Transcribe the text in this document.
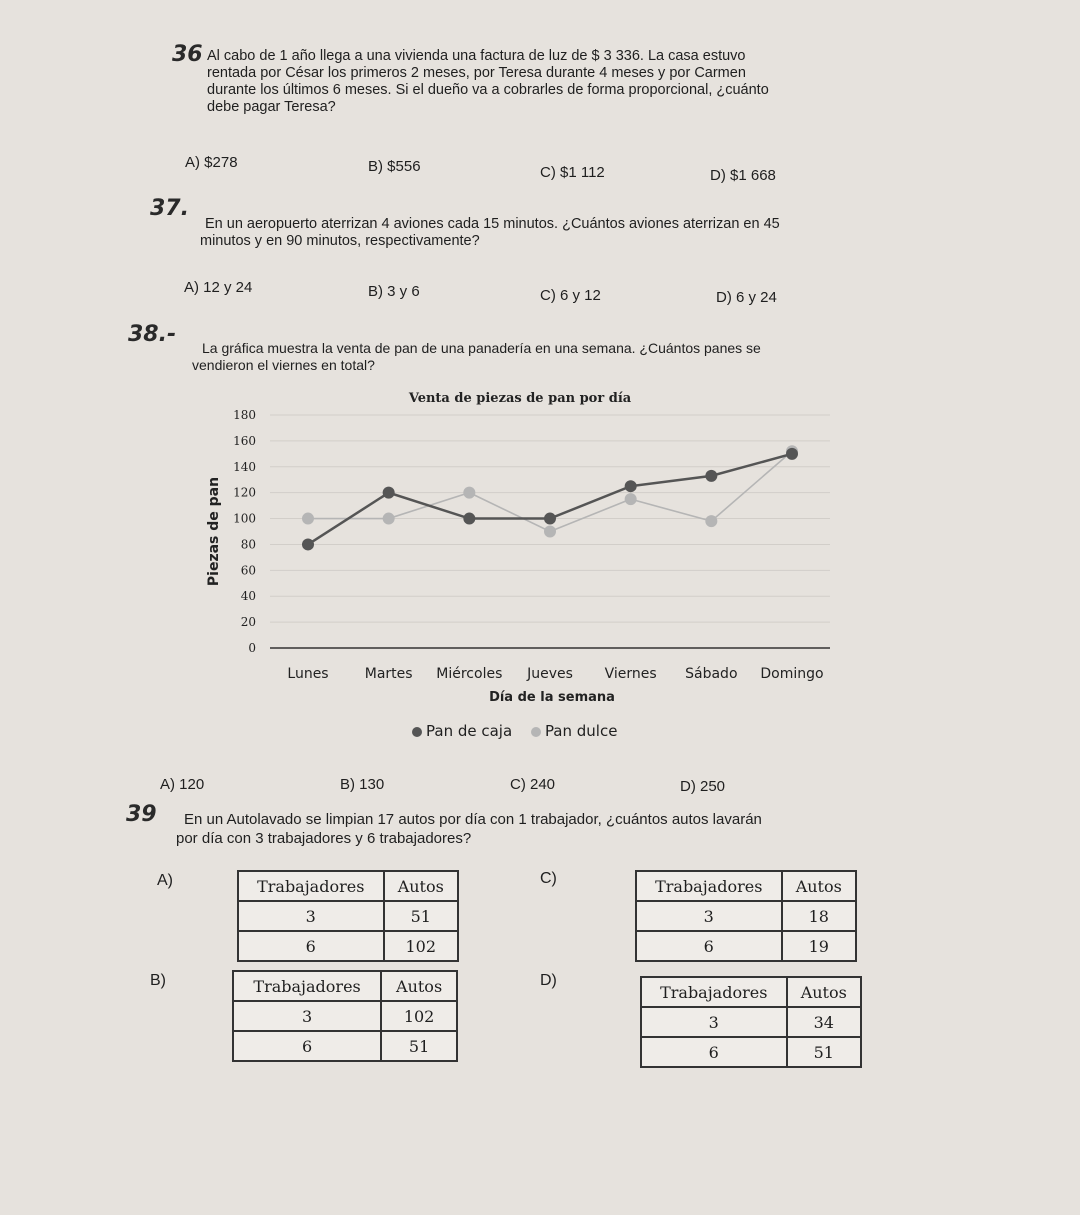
36 Al cabo de 1 año llega a una vivienda una factura de luz de $ 3 336. La casa estuvo
rentada por César los primeros 2 meses, por Teresa durante 4 meses y por Carmen
durante los últimos 6 meses. Si el dueño va a cobrarles de forma proporcional, ¿cuánto
debe pagar Teresa?
A) $278	B) $556	C) $1 112	D) $1 668
37.
En un aeropuerto aterrizan 4 aviones cada 15 minutos. ¿Cuántos aviones aterrizan en 45
minutos y en 90 minutos, respectivamente?
A) 12 y 24	B) 3 y 6	C) 6 y 12	D) 6 y 24
38.-
La gráfica muestra la venta de pan de una panadería en una semana. ¿Cuántos panes se
vendieron el viernes en total?
Venta de piezas de pan por día
0
20
40
60
80
100
120
140
160
180
Piezas de pan
Lunes	Martes Miércoles Jueves Viernes Sábado Domingo
Día de la semana
Pan de caja Pan dulce
A) 120	B) 130	C) 240	D) 250
39 En un Autolavado se limpian 17 autos por día con 1 trabajador, ¿cuántos autos lavarán
por día con 3 trabajadores y 6 trabajadores?
A)	Trabajadores	Autos
3	51
6	102
C)	Trabajadores	Autos
3	18
6	19
B)	Trabajadores	Autos
3	102
6	51
D)
Trabajadores	Autos
3	34
6	51
